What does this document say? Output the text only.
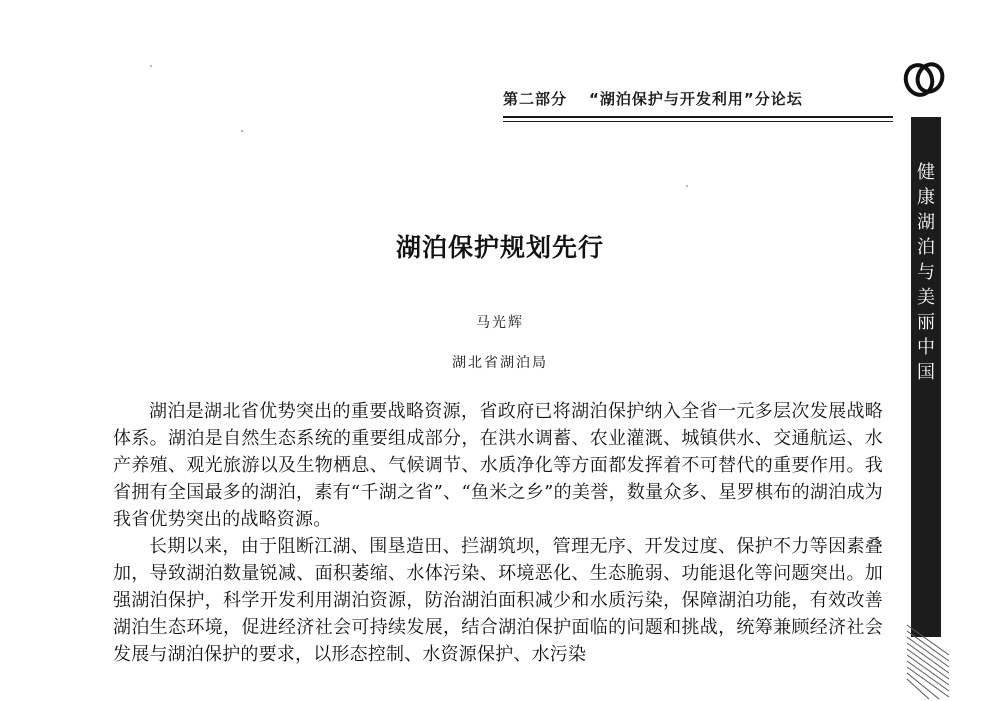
第二部分 “湖泊保护与开发利用”分论坛
健康湖泊与美丽中国
湖泊保护规划先行
马光辉
湖北省湖泊局

湖泊是湖北省优势突出的重要战略资源，省政府已将湖泊保护纳入全省一元多层次发展战略体系。湖泊是自然生态系统的重要组成部分，在洪水调蓄、农业灌溉、城镇供水、交通航运、水产养殖、观光旅游以及生物栖息、气候调节、水质净化等方面都发挥着不可替代的重要作用。我省拥有全国最多的湖泊，素有“千湖之省”、“鱼米之乡”的美誉，数量众多、星罗棋布的湖泊成为我省优势突出的战略资源。

长期以来，由于阻断江湖、围垦造田、拦湖筑坝，管理无序、开发过度、保护不力等因素叠加，导致湖泊数量锐减、面积萎缩、水体污染、环境恶化、生态脆弱、功能退化等问题突出。加强湖泊保护，科学开发利用湖泊资源，防治湖泊面积减少和水质污染，保障湖泊功能，有效改善湖泊生态环境，促进经济社会可持续发展，结合湖泊保护面临的问题和挑战，统筹兼顾经济社会发展与湖泊保护的要求，以形态控制、水资源保护、水污染
